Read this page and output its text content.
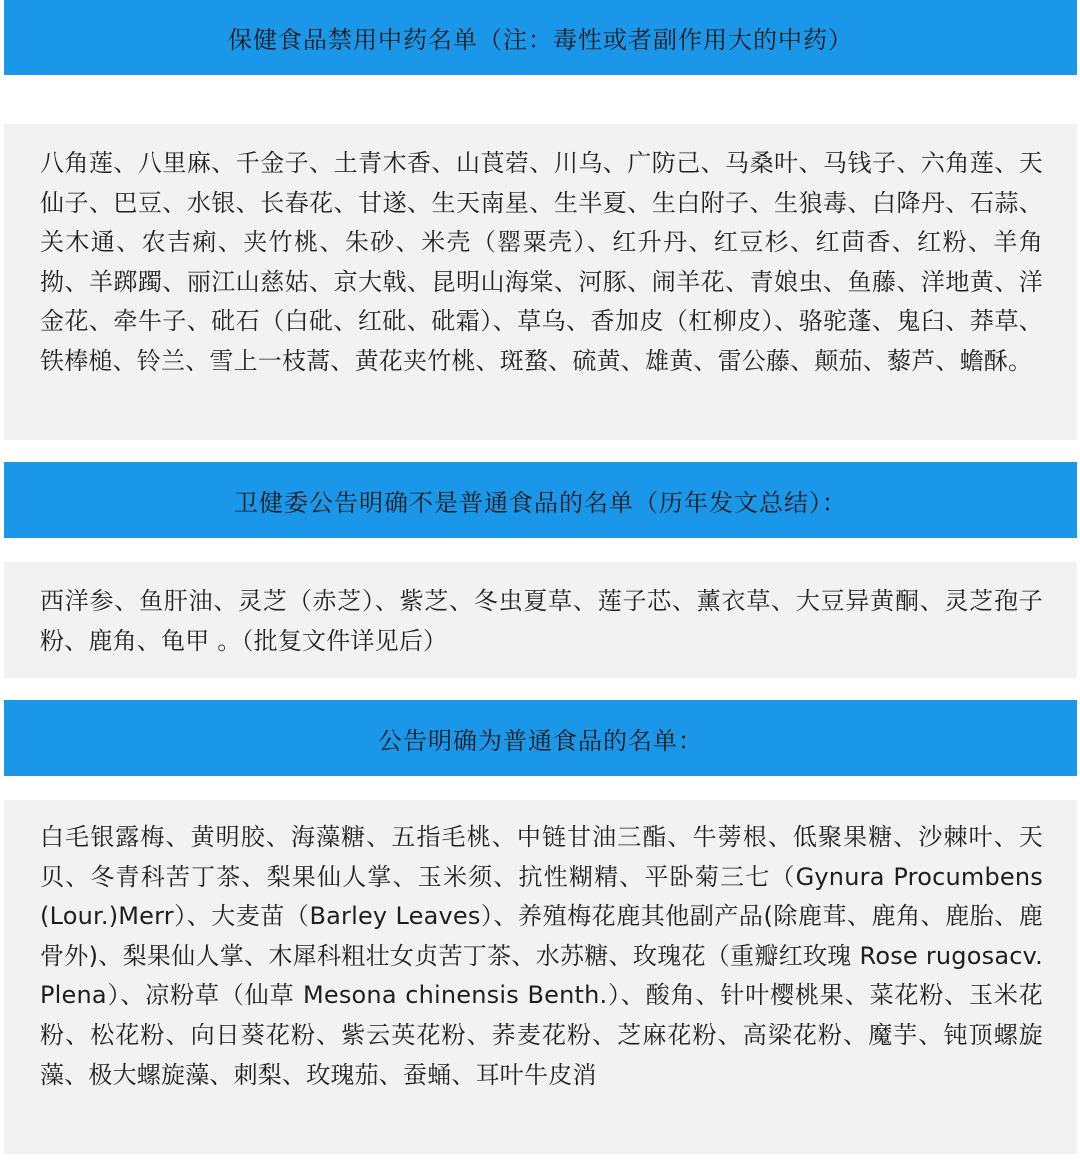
保健食品禁用中药名单（注：毒性或者副作用大的中药）

八角莲、八里麻、千金子、土青木香、山莨菪、川乌、广防己、马桑叶、马钱子、六角莲、天仙子、巴豆、水银、长春花、甘遂、生天南星、生半夏、生白附子、生狼毒、白降丹、石蒜、关木通、农吉痢、夹竹桃、朱砂、米壳（罂粟壳）、红升丹、红豆杉、红茴香、红粉、羊角拗、羊踯躅、丽江山慈姑、京大戟、昆明山海棠、河豚、闹羊花、青娘虫、鱼藤、洋地黄、洋金花、牵牛子、砒石（白砒、红砒、砒霜）、草乌、香加皮（杠柳皮）、骆驼蓬、鬼臼、莽草、铁棒槌、铃兰、雪上一枝蒿、黄花夹竹桃、斑蝥、硫黄、雄黄、雷公藤、颠茄、藜芦、蟾酥。

卫健委公告明确不是普通食品的名单（历年发文总结）：

西洋参、鱼肝油、灵芝（赤芝）、紫芝、冬虫夏草、莲子芯、薰衣草、大豆异黄酮、灵芝孢子粉、鹿角、龟甲 。（批复文件详见后）

公告明确为普通食品的名单：

白毛银露梅、黄明胶、海藻糖、五指毛桃、中链甘油三酯、牛蒡根、低聚果糖、沙棘叶、天贝、冬青科苦丁茶、梨果仙人掌、玉米须、抗性糊精、平卧菊三七（Gynura Procumbens (Lour.)Merr）、大麦苗（Barley Leaves）、养殖梅花鹿其他副产品(除鹿茸、鹿角、鹿胎、鹿骨外)、梨果仙人掌、木犀科粗壮女贞苦丁茶、水苏糖、玫瑰花（重瓣红玫瑰 Rose rugosacv. Plena）、凉粉草（仙草 Mesona chinensis Benth.）、酸角、针叶樱桃果、菜花粉、玉米花粉、松花粉、向日葵花粉、紫云英花粉、荞麦花粉、芝麻花粉、高梁花粉、魔芋、钝顶螺旋藻、极大螺旋藻、刺梨、玫瑰茄、蚕蛹、耳叶牛皮消
